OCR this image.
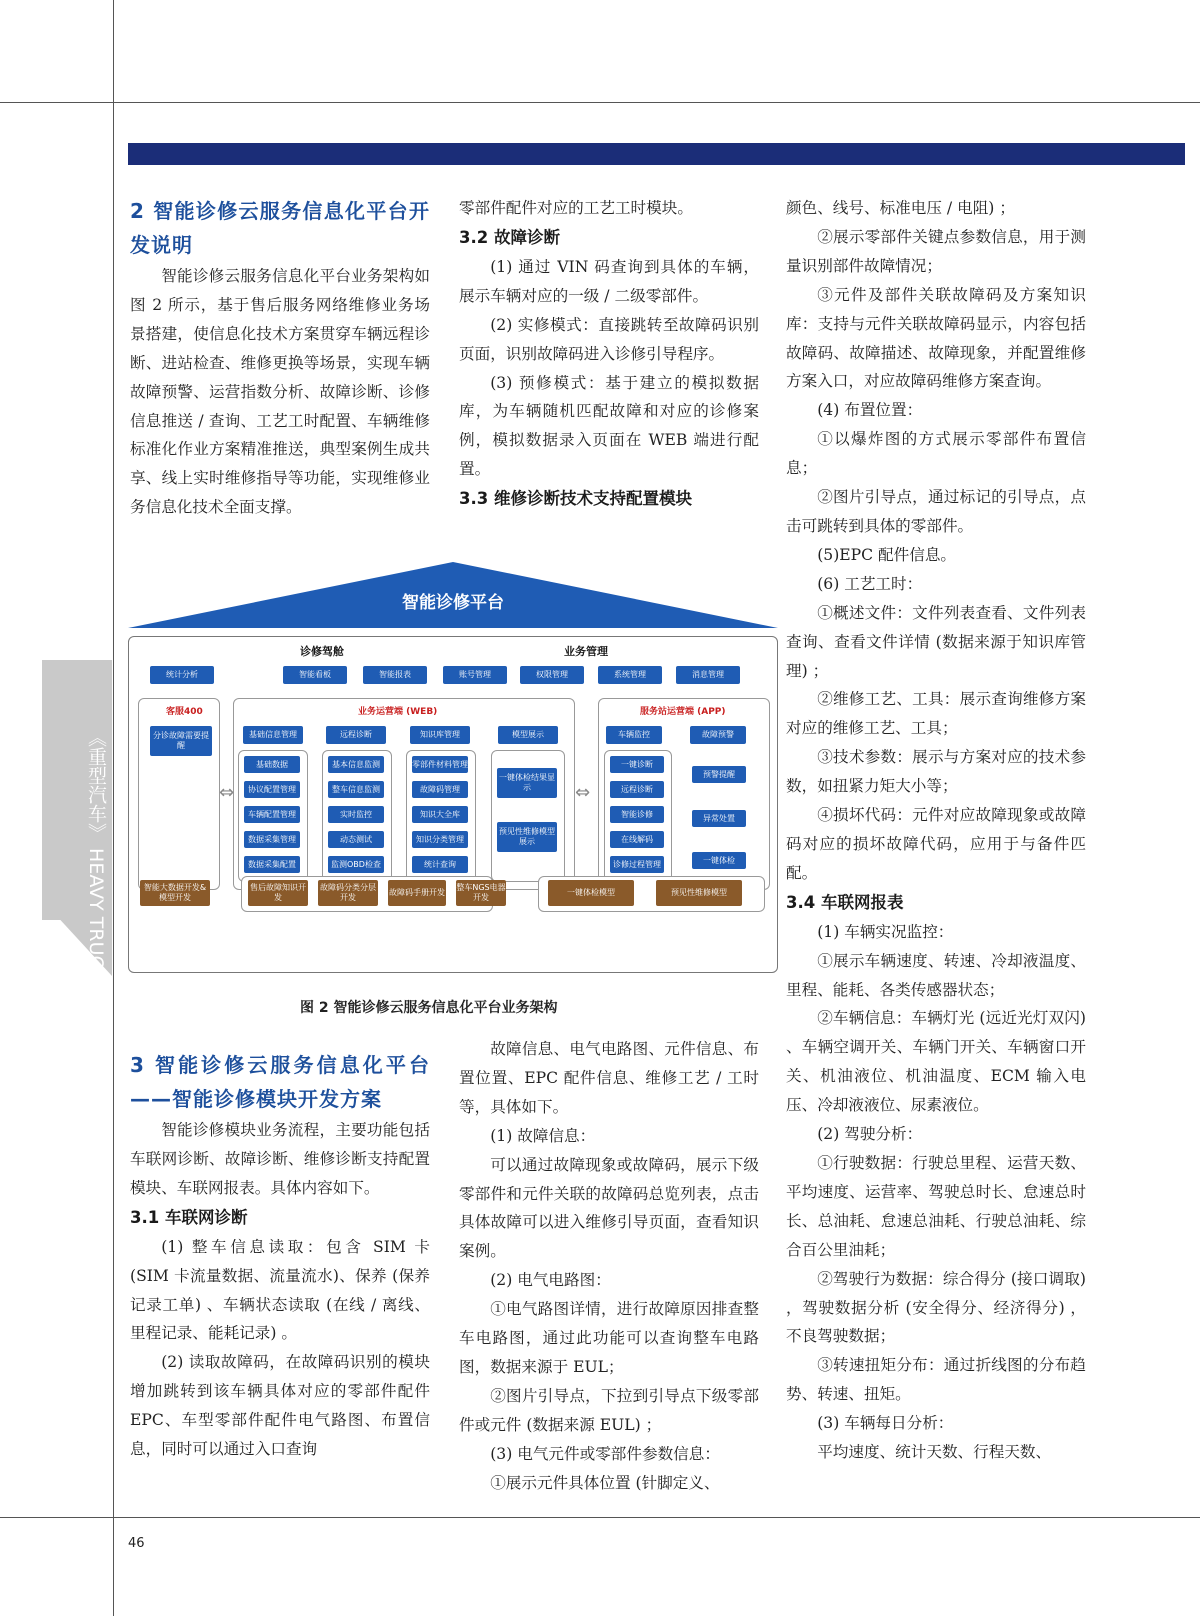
《重型汽车》 HEAVY TRUCK
2 智能诊修云服务信息化平台开发说明

智能诊修云服务信息化平台业务架构如图 2 所示，基于售后服务网络维修业务场景搭建，使信息化技术方案贯穿车辆远程诊断、进站检查、维修更换等场景，实现车辆故障预警、运营指数分析、故障诊断、诊修信息推送 / 查询、工艺工时配置、车辆维修标准化作业方案精准推送，典型案例生成共享、线上实时维修指导等功能，实现维修业务信息化技术全面支撑。

零部件配件对应的工艺工时模块。

3.2 故障诊断

(1) 通过 VIN 码查询到具体的车辆，展示车辆对应的一级 / 二级零部件。

(2) 实修模式：直接跳转至故障码识别页面，识别故障码进入诊修引导程序。

(3) 预修模式：基于建立的模拟数据库，为车辆随机匹配故障和对应的诊修案例，模拟数据录入页面在 WEB 端进行配置。

3.3 维修诊断技术支持配置模块

颜色、线号、标准电压 / 电阻) ；

②展示零部件关键点参数信息，用于测量识别部件故障情况；

③元件及部件关联故障码及方案知识库：支持与元件关联故障码显示，内容包括故障码、故障描述、故障现象，并配置维修方案入口，对应故障码维修方案查询。

(4) 布置位置：

①以爆炸图的方式展示零部件布置信息；

②图片引导点，通过标记的引导点，点击可跳转到具体的零部件。

(5)EPC 配件信息。

(6) 工艺工时：

①概述文件：文件列表查看、文件列表查询、查看文件详情 (数据来源于知识库管理) ；

②维修工艺、工具：展示查询维修方案对应的维修工艺、工具；

③技术参数：展示与方案对应的技术参数，如扭紧力矩大小等；

④损坏代码：元件对应故障现象或故障码对应的损坏故障代码，应用于与备件匹配。

3.4 车联网报表

(1) 车辆实况监控：

①展示车辆速度、转速、冷却液温度、里程、能耗、各类传感器状态；

②车辆信息：车辆灯光 (远近光灯双闪) 、车辆空调开关、车辆门开关、车辆窗口开关、机油液位、机油温度、ECM 输入电压、冷却液液位、尿素液位。

(2) 驾驶分析：

①行驶数据：行驶总里程、运营天数、平均速度、运营率、驾驶总时长、怠速总时长、总油耗、怠速总油耗、行驶总油耗、综合百公里油耗；

②驾驶行为数据：综合得分 (接口调取) ，驾驶数据分析 (安全得分、经济得分) ，不良驾驶数据；

③转速扭矩分布：通过折线图的分布趋势、转速、扭矩。

(3) 车辆每日分析：

平均速度、统计天数、行程天数、

智能诊修平台
诊修驾舱	业务管理
统计分析	智能看板	智能报表	账号管理	权限管理	系统管理	消息管理
客服400
分诊故障需要提醒
业务运营端 (WEB)	服务站运营端 (APP)
⇔	⇔
基础信息管理	远程诊断	知识库管理	模型展示
基础数据
协议配置管理
车辆配置管理
数据采集管理
数据采集配置
基本信息监测
整车信息监测
实时监控
动态测试
监测OBD检查
零部件材料管理
故障码管理
知识大全库
知识分类管理
统计查询
一键体检结果显示
预见性维修模型展示
车辆监控	故障预警
一键诊断
远程诊断
智能诊修
在线解码
诊修过程管理
预警提醒
异常处置
一键体检
智能大数据开发&模型开发
售后故障知识开发
故障码分类分层开发
故障码手册开发
整车NGS电器开发
一键体检模型	预见性维修模型
图 2 智能诊修云服务信息化平台业务架构
3 智能诊修云服务信息化平台——智能诊修模块开发方案

智能诊修模块业务流程，主要功能包括车联网诊断、故障诊断、维修诊断支持配置模块、车联网报表。具体内容如下。

3.1 车联网诊断

(1) 整车信息读取：包含 SIM 卡 (SIM 卡流量数据、流量流水)、保养 (保养记录工单) 、车辆状态读取 (在线 / 离线、里程记录、能耗记录) 。

(2) 读取故障码，在故障码识别的模块增加跳转到该车辆具体对应的零部件配件 EPC、车型零部件配件电气路图、布置信息，同时可以通过入口查询

故障信息、电气电路图、元件信息、布置位置、EPC 配件信息、维修工艺 / 工时等，具体如下。

(1) 故障信息：

可以通过故障现象或故障码，展示下级零部件和元件关联的故障码总览列表，点击具体故障可以进入维修引导页面，查看知识案例。

(2) 电气电路图：

①电气路图详情，进行故障原因排查整车电路图，通过此功能可以查询整车电路图，数据来源于 EUL；

②图片引导点，下拉到引导点下级零部件或元件 (数据来源 EUL) ；

(3) 电气元件或零部件参数信息：

①展示元件具体位置 (针脚定义、

46
